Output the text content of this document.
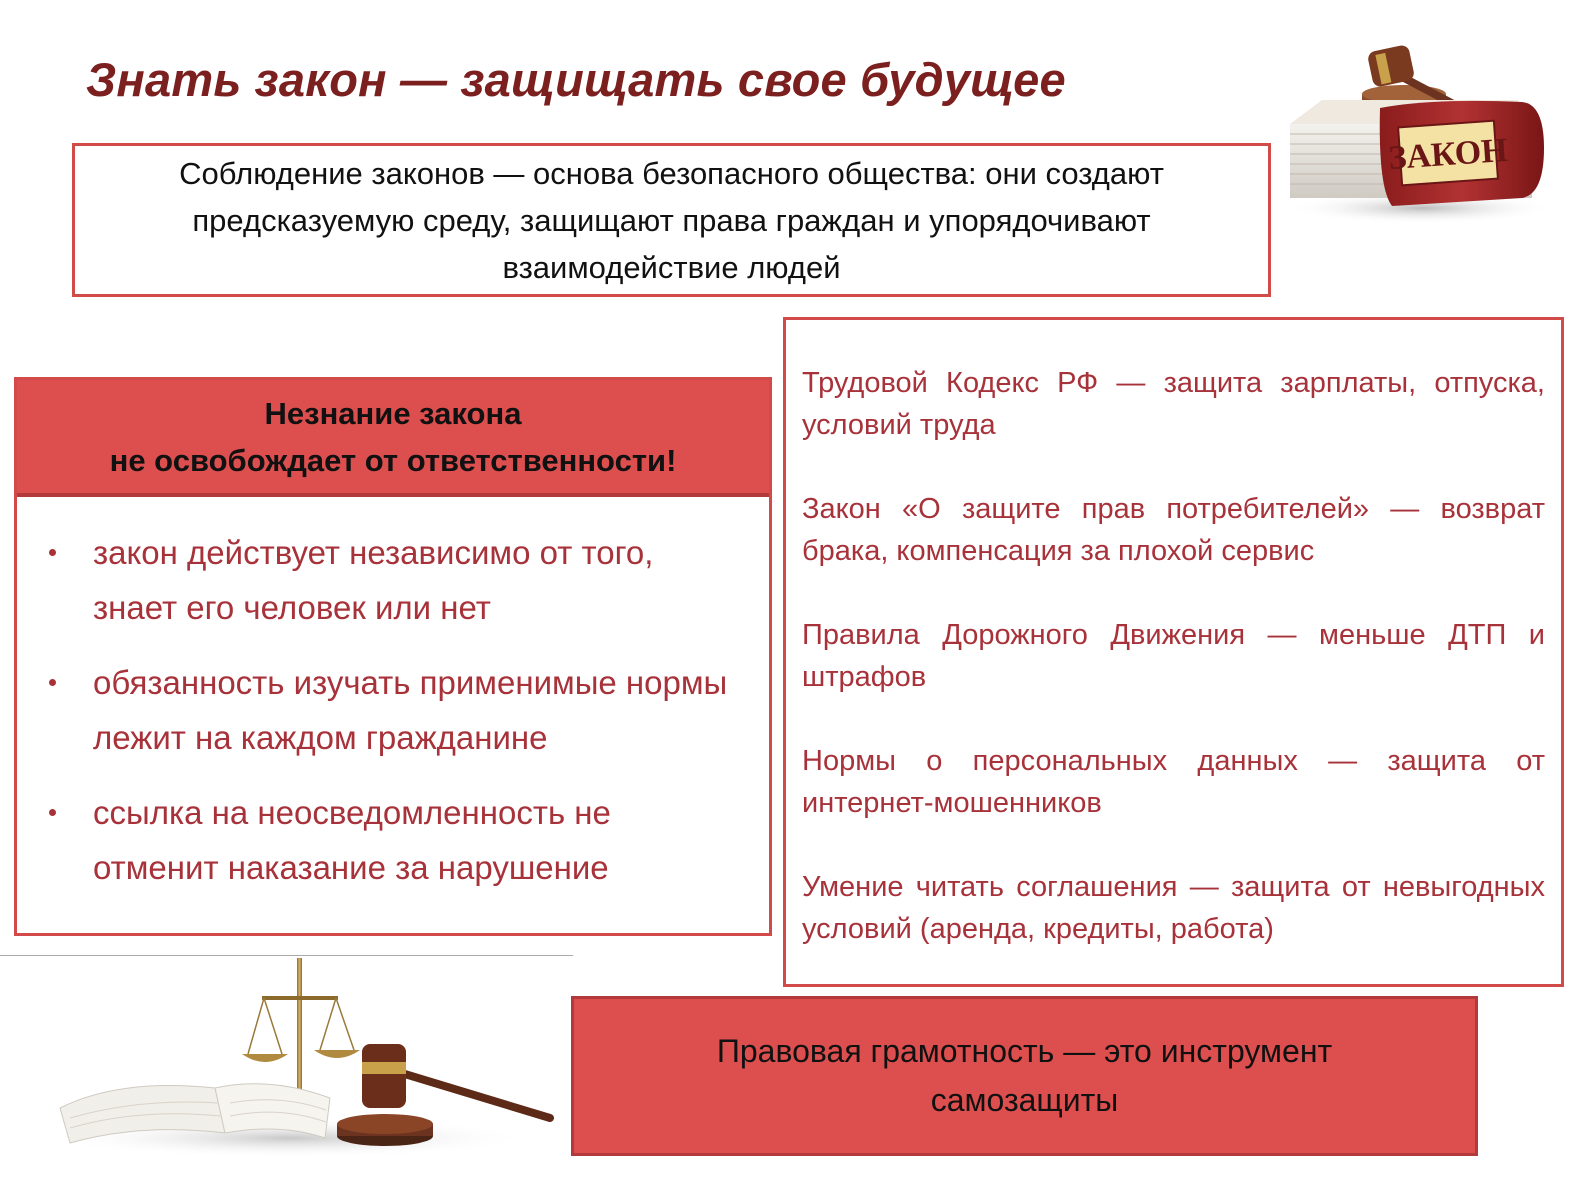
Знать закон — защищать свое будущее
ЗАКОН
Соблюдение законов — основа безопасного общества: они создают предсказуемую среду, защищают права граждан и упорядочивают взаимодействие людей
Незнание закона
не освобождает от ответственности!
закон действует независимо от того, знает его человек или нет
обязанность изучать применимые нормы лежит на каждом гражданине
ссылка на неосведомленность не отменит наказание за нарушение

Трудовой Кодекс РФ — защита зарплаты, отпуска, условий труда

Закон «О защите прав потребителей» — возврат брака, компенсация за плохой сервис

Правила Дорожного Движения — меньше ДТП и штрафов

Нормы о персональных данных — защита от интернет-мошенников

Умение читать соглашения — защита от невыгодных условий (аренда, кредиты, работа)

Правовая грамотность — это инструмент самозащиты
